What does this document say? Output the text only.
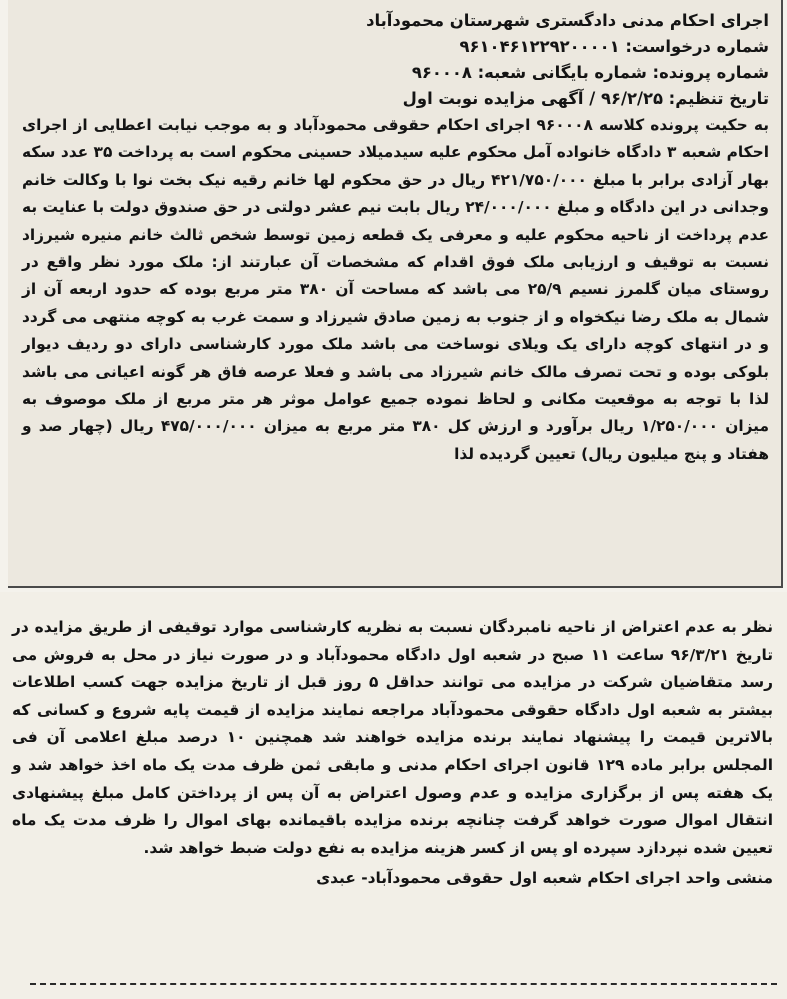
اجرای احکام مدنی دادگستری شهرستان محمودآباد

شماره درخواست: ۹۶۱۰۴۶۱۲۲۹۲۰۰۰۰۱

شماره پرونده: شماره بایگانی شعبه: ۹۶۰۰۰۸

تاریخ تنظیم: ۹۶/۲/۲۵ / آگهی مزایده نوبت اول

به حکیت پرونده کلاسه ۹۶۰۰۰۸ اجرای احکام حقوقی محمودآباد و به موجب نیابت اعطایی از اجرای احکام شعبه ۳ دادگاه خانواده آمل محکوم علیه سیدمیلاد حسینی محکوم است به پرداخت ۳۵ عدد سکه بهار آزادی برابر با مبلغ ۴۲۱/۷۵۰/۰۰۰ ریال در حق محکوم لها خانم رقیه نیک بخت نوا با وکالت خانم وجدانی در این دادگاه و مبلغ ۲۴/۰۰۰/۰۰۰ ریال بابت نیم عشر دولتی در حق صندوق دولت با عنایت به عدم پرداخت از ناحیه محکوم علیه و معرفی یک قطعه زمین توسط شخص ثالث خانم منیره شیرزاد نسبت به توقیف و ارزیابی ملک فوق اقدام که مشخصات آن عبارتند از: ملک مورد نظر واقع در روستای میان گلمرز نسیم ۲۵/۹ می باشد که مساحت آن ۳۸۰ متر مربع بوده که حدود اربعه آن از شمال به ملک رضا نیکخواه و از جنوب به زمین صادق شیرزاد و سمت غرب به کوچه منتهی می گردد و در انتهای کوچه دارای یک ویلای نوساخت می باشد ملک مورد کارشناسی دارای دو ردیف دیوار بلوکی بوده و تحت تصرف مالک خانم شیرزاد می باشد و فعلا عرصه فاق هر گونه اعیانی می باشد لذا با توجه به موقعیت مکانی و لحاظ نموده جمیع عوامل موثر هر متر مربع از ملک موصوف به میزان ۱/۲۵۰/۰۰۰ ریال برآورد و ارزش کل ۳۸۰ متر مربع به میزان ۴۷۵/۰۰۰/۰۰۰ ریال (چهار صد و هفتاد و پنج میلیون ریال) تعیین گردیده لذا

نظر به عدم اعتراض از ناحیه نامبردگان نسبت به نظریه کارشناسی موارد توقیفی از طریق مزایده در تاریخ ۹۶/۳/۲۱ ساعت ۱۱ صبح در شعبه اول دادگاه محمودآباد و در صورت نیاز در محل به فروش می رسد متقاضیان شرکت در مزایده می توانند حداقل ۵ روز قبل از تاریخ مزایده جهت کسب اطلاعات بیشتر به شعبه اول دادگاه حقوقی محمودآباد مراجعه نمایند مزایده از قیمت پایه شروع و کسانی که بالاترین قیمت را پیشنهاد نمایند برنده مزایده خواهند شد همچنین ۱۰ درصد مبلغ اعلامی آن فی المجلس برابر ماده ۱۲۹ قانون اجرای احکام مدنی و مابقی ثمن ظرف مدت یک ماه اخذ خواهد شد و یک هفته پس از برگزاری مزایده و عدم وصول اعتراض به آن پس از پرداختن کامل مبلغ پیشنهادی انتقال اموال صورت خواهد گرفت چنانچه برنده مزایده باقیمانده بهای اموال را ظرف مدت یک ماه تعیین شده نپردازد سپرده او پس از کسر هزینه مزایده به نفع دولت ضبط خواهد شد.

منشی واحد اجرای احکام شعبه اول حقوقی محمودآباد- عبدی
